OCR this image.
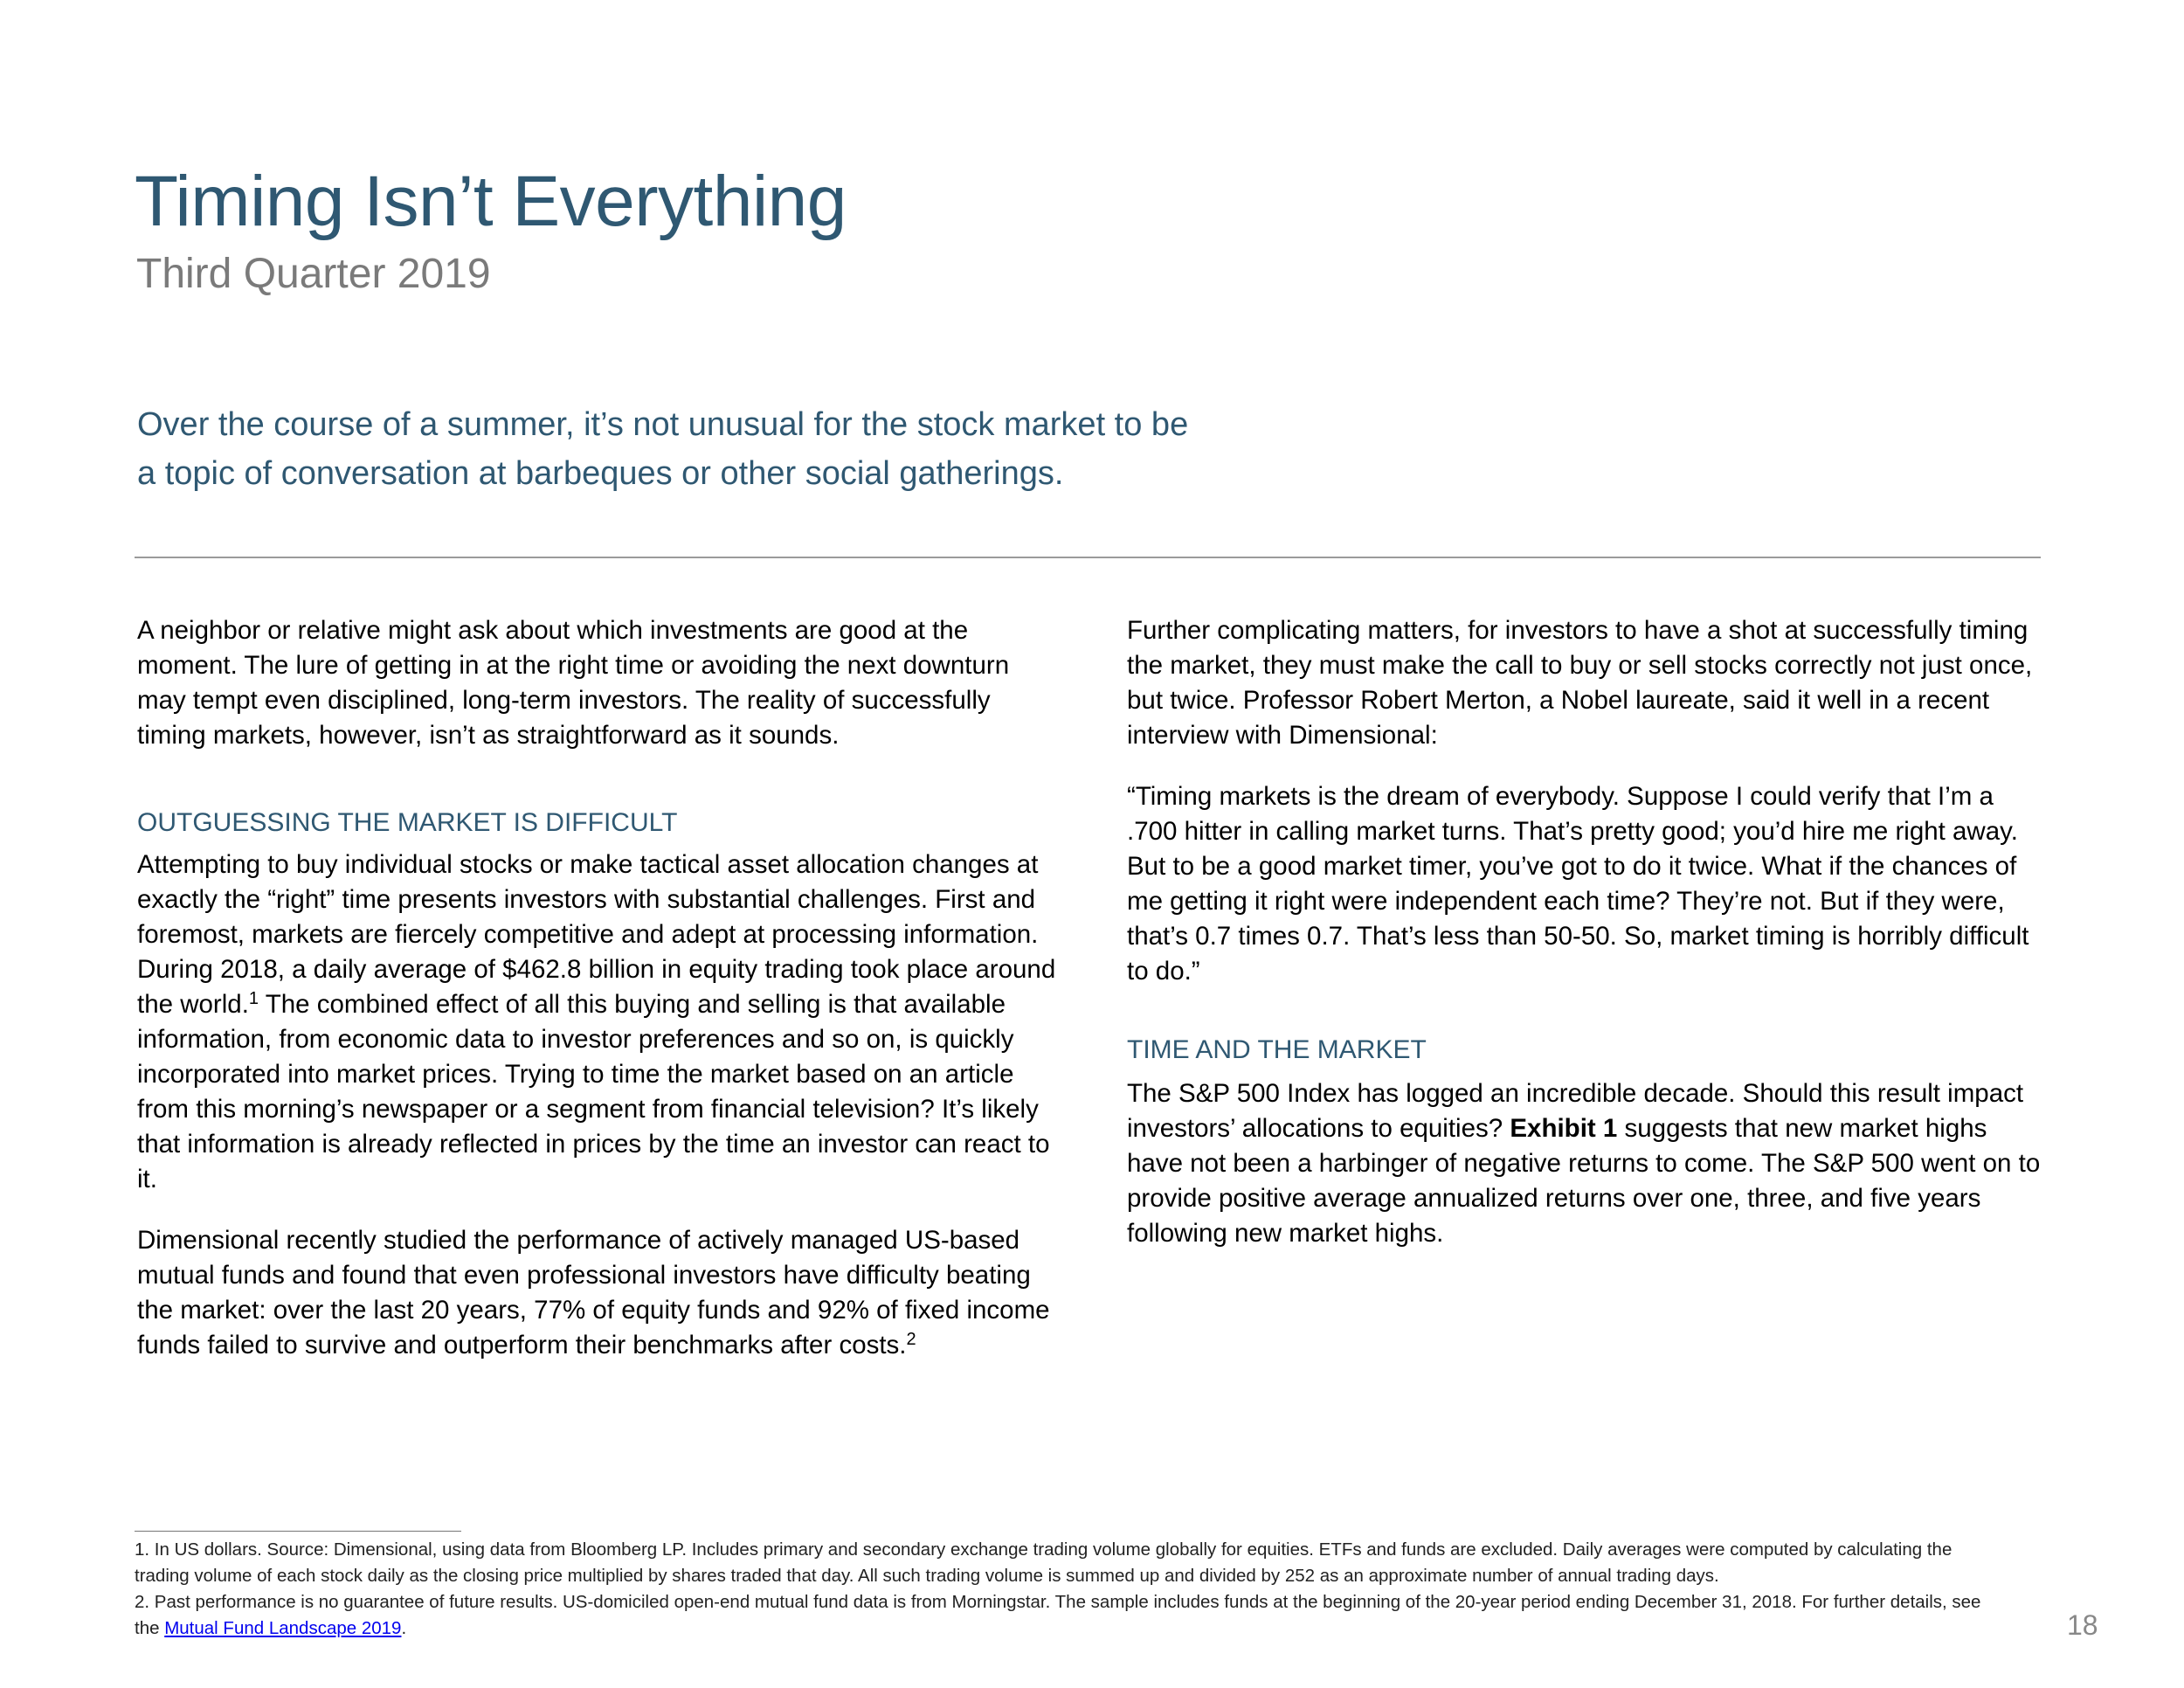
Timing Isn’t Everything
Third Quarter 2019
Over the course of a summer, it’s not unusual for the stock market to be
a topic of conversation at barbeques or other social gatherings.

A neighbor or relative might ask about which investments are good at the moment. The lure of getting in at the right time or avoiding the next downturn may tempt even disciplined, long-term investors. The reality of successfully timing markets, however, isn’t as straightforward as it sounds.

OUTGUESSING THE MARKET IS DIFFICULT

Attempting to buy individual stocks or make tactical asset allocation changes at exactly the “right” time presents investors with substantial challenges. First and foremost, markets are fiercely competitive and adept at processing information. During 2018, a daily average of $462.8 billion in equity trading took place around the world.$^1$ The combined effect of all this buying and selling is that available information, from economic data to investor preferences and so on, is quickly incorporated into market prices. Trying to time the market based on an article from this morning’s newspaper or a segment from financial television? It’s likely that information is already reflected in prices by the time an investor can react to it.

Dimensional recently studied the performance of actively managed US-based mutual funds and found that even professional investors have difficulty beating the market: over the last 20 years, 77% of equity funds and 92% of fixed income funds failed to survive and outperform their benchmarks after costs.$^2$

Further complicating matters, for investors to have a shot at successfully timing the market, they must make the call to buy or sell stocks correctly not just once, but twice. Professor Robert Merton, a Nobel laureate, said it well in a recent interview with Dimensional:

“Timing markets is the dream of everybody. Suppose I could verify that I’m a .700 hitter in calling market turns. That’s pretty good; you’d hire me right away. But to be a good market timer, you’ve got to do it twice. What if the chances of me getting it right were independent each time? They’re not. But if they were, that’s 0.7 times 0.7. That’s less than 50-50. So, market timing is horribly difficult to do.”

TIME AND THE MARKET

The S&P 500 Index has logged an incredible decade. Should this result impact investors’ allocations to equities? Exhibit 1 suggests that new market highs have not been a harbinger of negative returns to come. The S&P 500 went on to provide positive average annualized returns over one, three, and five years following new market highs.

1. In US dollars. Source: Dimensional, using data from Bloomberg LP. Includes primary and secondary exchange trading volume globally for equities. ETFs and funds are excluded. Daily averages were computed by calculating the trading volume of each stock daily as the closing price multiplied by shares traded that day. All such trading volume is summed up and divided by 252 as an approximate number of annual trading days.

2. Past performance is no guarantee of future results. US-domiciled open-end mutual fund data is from Morningstar. The sample includes funds at the beginning of the 20-year period ending December 31, 2018. For further details, see the Mutual Fund Landscape 2019.	18
